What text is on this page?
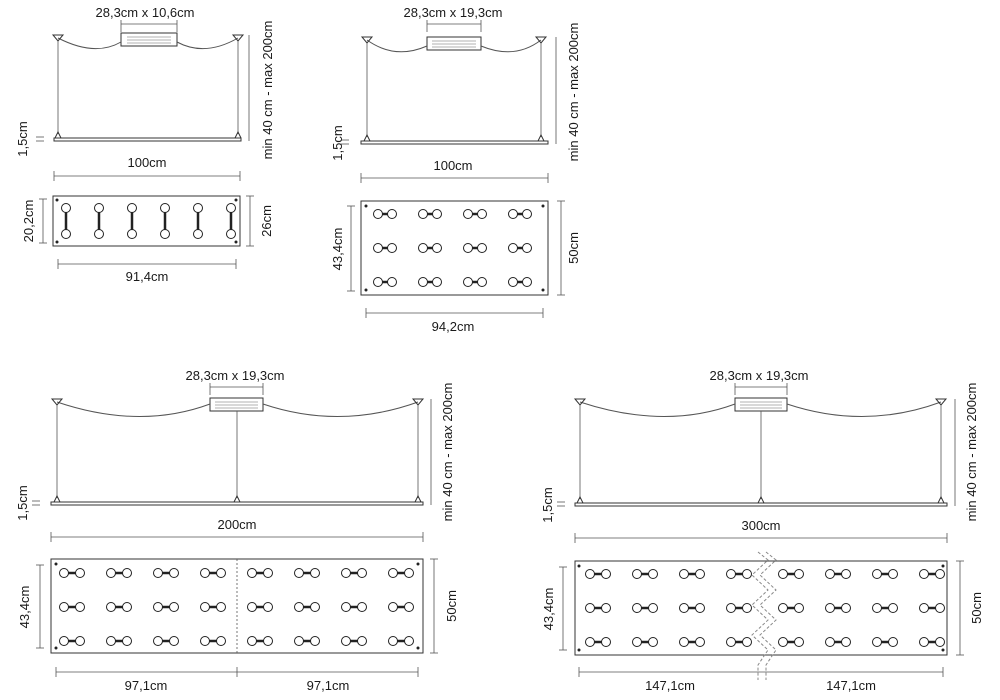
28,3cm x 10,6cm
1,5cm	min 40 cm - max 200cm
100cm
20,2cm	26cm
91,4cm
28,3cm x 19,3cm
1,5cm	min 40 cm - max 200cm
100cm
43,4cm	50cm
94,2cm
28,3cm x 19,3cm
1,5cm	min 40 cm - max 200cm
200cm
43,4cm	50cm
97,1cm	97,1cm
28,3cm x 19,3cm
1,5cm	min 40 cm - max 200cm
300cm
43,4cm	50cm
147,1cm	147,1cm
